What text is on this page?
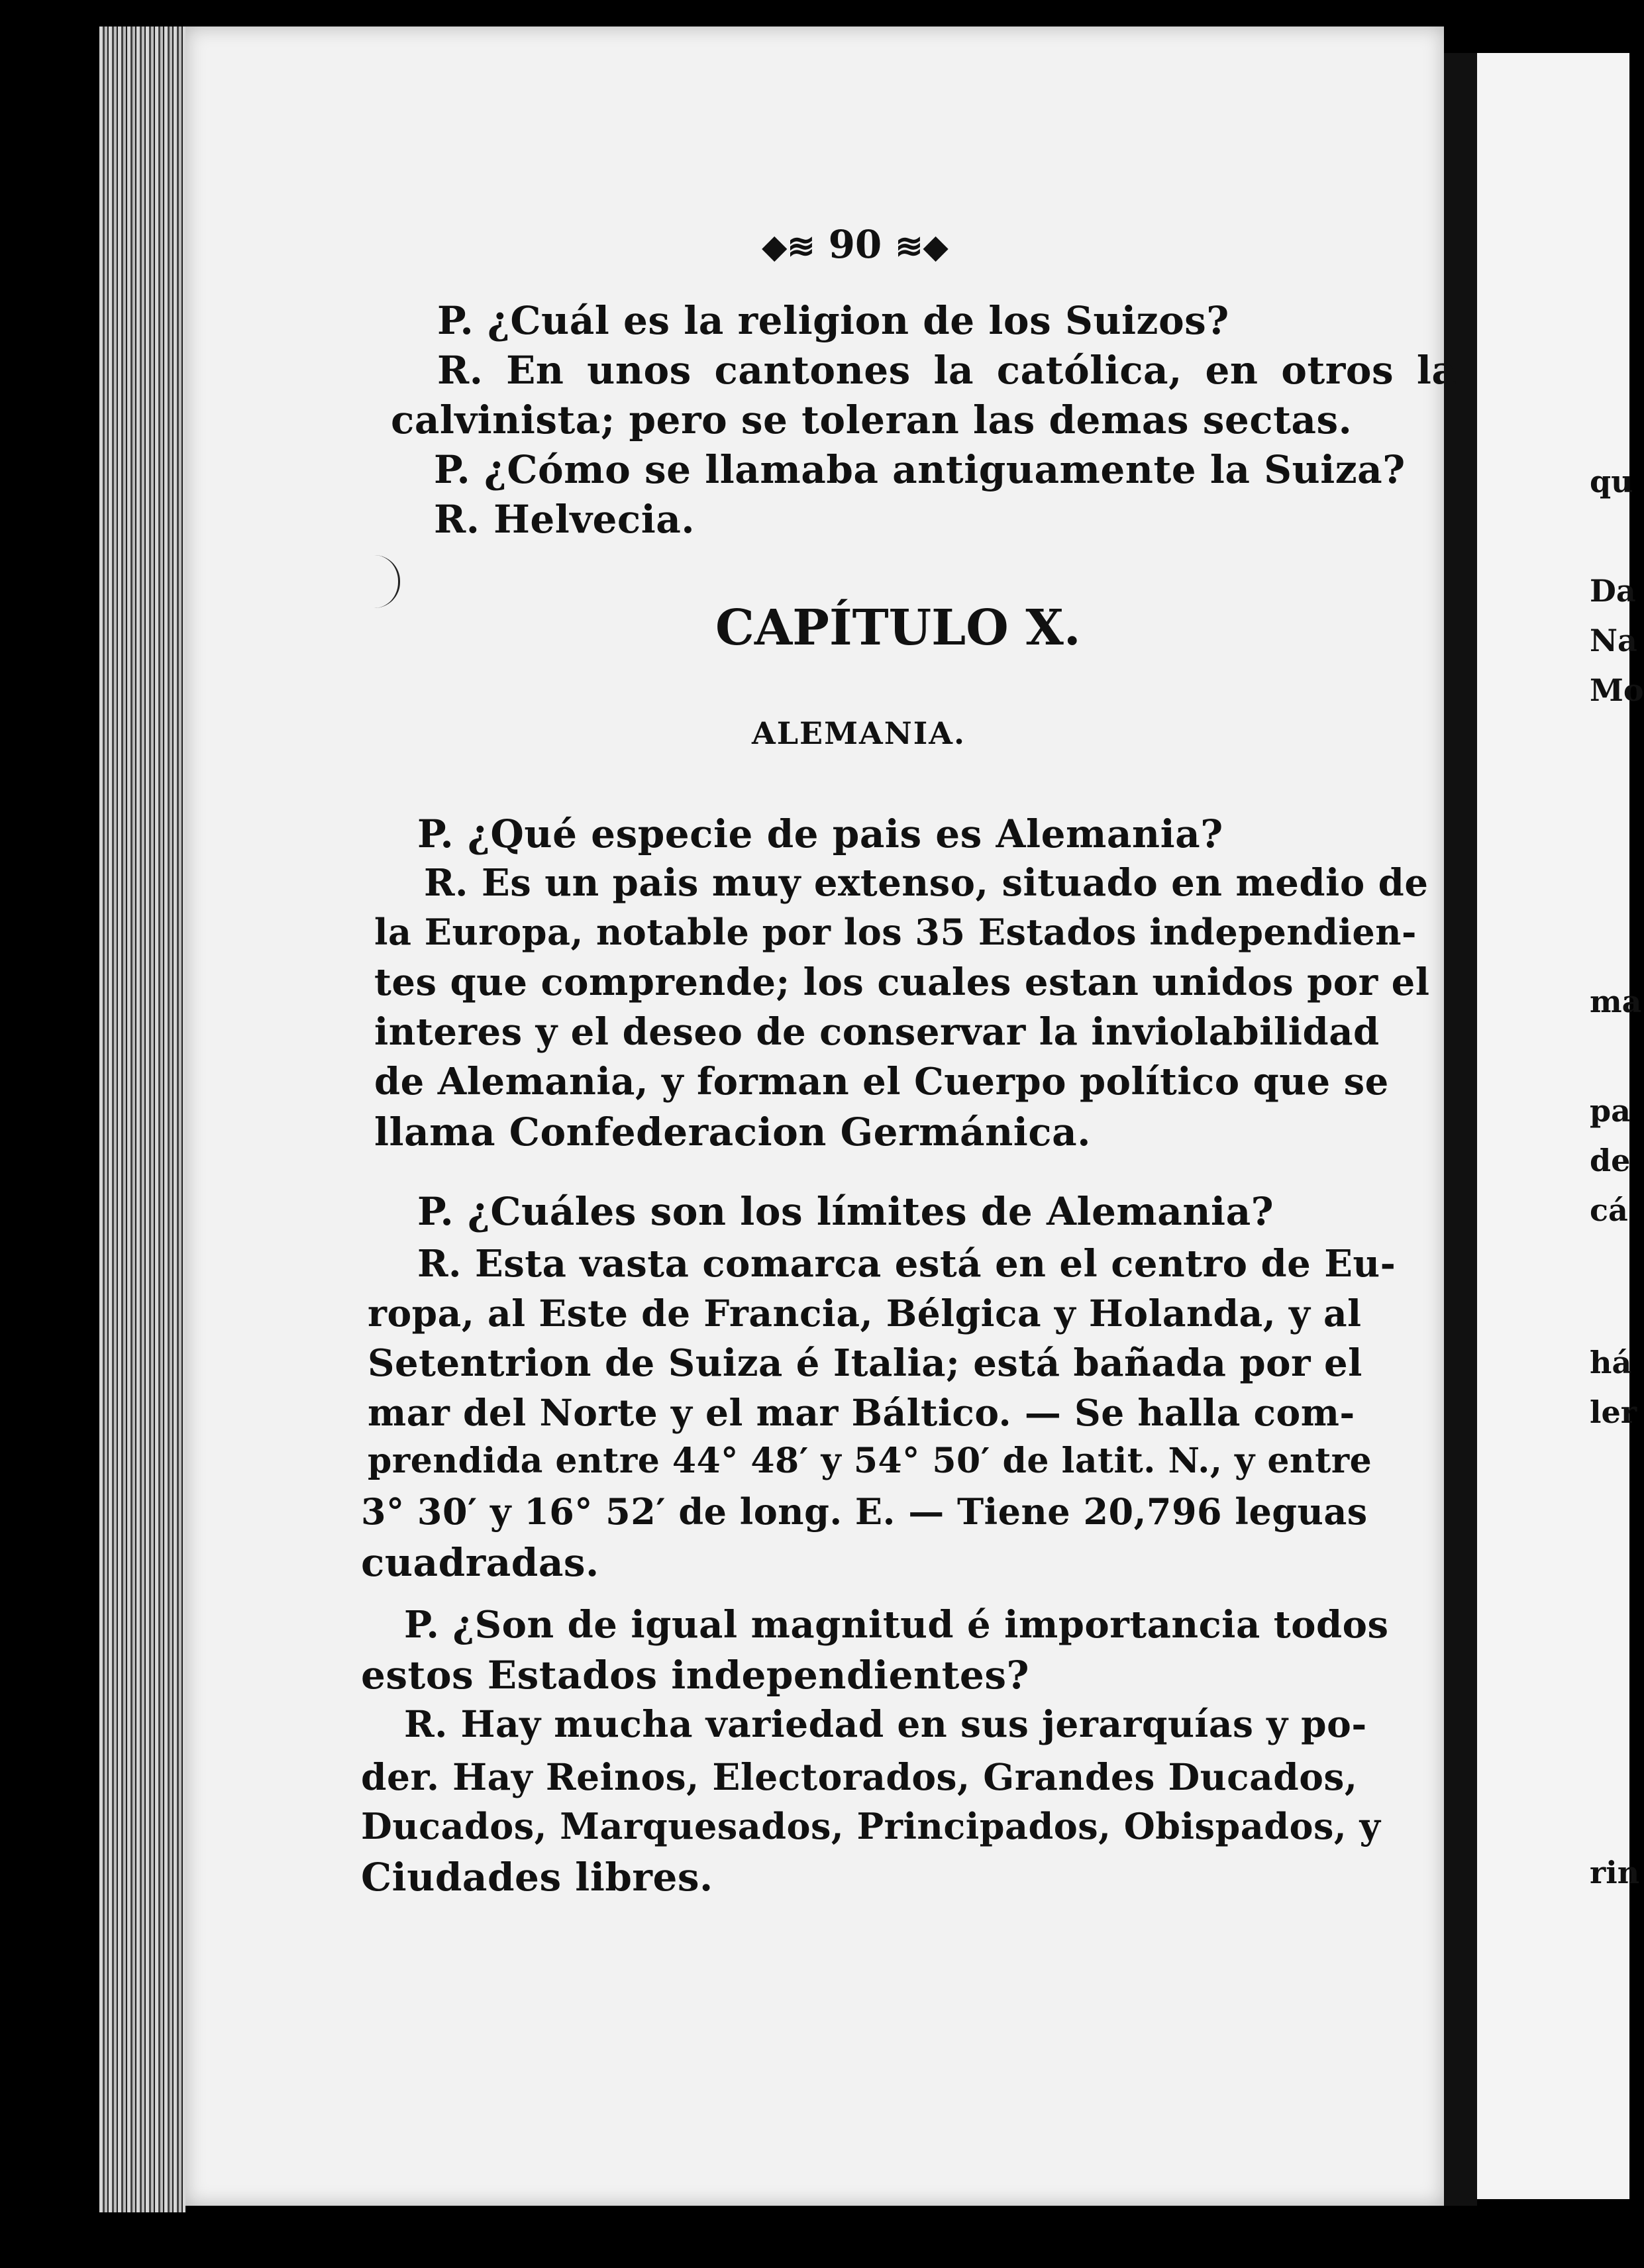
◆≋ 90 ≋◆
P. ¿Cuál es la religion de los Suizos?
R. En unos cantones la católica, en otros la
calvinista; pero se toleran las demas sectas.
P. ¿Cómo se llamaba antiguamente la Suiza?
R. Helvecia.
CAPÍTULO X.
ALEMANIA.
P. ¿Qué especie de pais es Alemania?
R. Es un pais muy extenso, situado en medio de
la Europa, notable por los 35 Estados independien-
tes que comprende; los cuales estan unidos por el
interes y el deseo de conservar la inviolabilidad
de Alemania, y forman el Cuerpo político que se
llama Confederacion Germánica.
P. ¿Cuáles son los límites de Alemania?
R. Esta vasta comarca está en el centro de Eu-
ropa, al Este de Francia, Bélgica y Holanda, y al
Setentrion de Suiza é Italia; está bañada por el
mar del Norte y el mar Báltico. — Se halla com-
prendida entre 44° 48′ y 54° 50′ de latit. N., y entre
3° 30′ y 16° 52′ de long. E. — Tiene 20,796 leguas
cuadradas.
P. ¿Son de igual magnitud é importancia todos
estos Estados independientes?
R. Hay mucha variedad en sus jerarquías y po-
der. Hay Reinos, Electorados, Grandes Ducados,
Ducados, Marquesados, Principados, Obispados, y
Ciudades libres.
qu
Da
Na
Mo
ma
pa
de
cá
há
ler
rin
